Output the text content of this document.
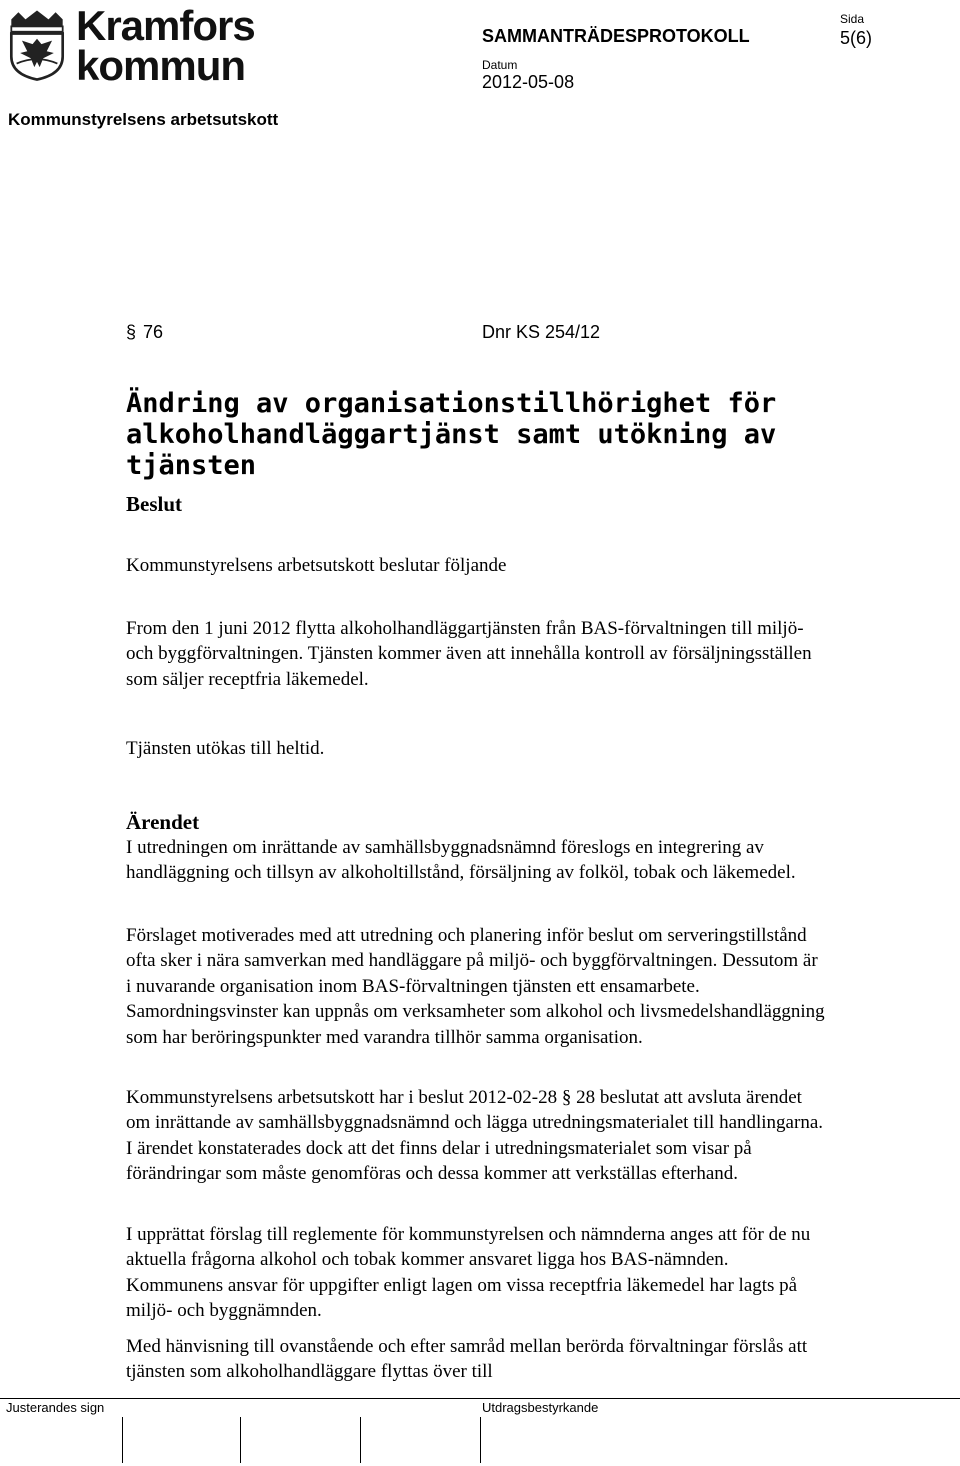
Kramfors
kommun
SAMMANTRÄDESPROTOKOLL
Sida
5(6)
Datum
2012-05-08
Kommunstyrelsens arbetsutskott
§ 76	Dnr KS 254/12
Ändring av organisationstillhörighet för alkoholhandläggartjänst samt utökning av tjänsten
Beslut
Kommunstyrelsens arbetsutskott beslutar följande
From den 1 juni 2012 flytta alkoholhandläggartjänsten från BAS-förvaltningen till miljö- och byggförvaltningen. Tjänsten kommer även att innehålla kontroll av försäljningsställen som säljer receptfria läkemedel.
Tjänsten utökas till heltid.
Ärendet
I utredningen om inrättande av samhällsbyggnadsnämnd föreslogs en integrering av handläggning och tillsyn av alkoholtillstånd, försäljning av folköl, tobak och läkemedel.
Förslaget motiverades med att utredning och planering inför beslut om serveringstillstånd ofta sker i nära samverkan med handläggare på miljö- och byggförvaltningen. Dessutom är i nuvarande organisation inom BAS-förvaltningen tjänsten ett ensamarbete. Samordningsvinster kan uppnås om verksamheter som alkohol och livsmedelshandläggning som har beröringspunkter med varandra tillhör samma organisation.
Kommunstyrelsens arbetsutskott har i beslut 2012-02-28 § 28 beslutat att avsluta ärendet om inrättande av samhällsbyggnadsnämnd och lägga utredningsmaterialet till handlingarna. I ärendet konstaterades dock att det finns delar i utredningsmaterialet som visar på förändringar som måste genomföras och dessa kommer att verkställas efterhand.
I upprättat förslag till reglemente för kommunstyrelsen och nämnderna anges att för de nu aktuella frågorna alkohol och tobak kommer ansvaret ligga hos BAS-nämnden. Kommunens ansvar för uppgifter enligt lagen om vissa receptfria läkemedel har lagts på miljö- och byggnämnden.
Med hänvisning till ovanstående och efter samråd mellan berörda förvaltningar förslås att tjänsten som alkoholhandläggare flyttas över till
Justerandes sign	Utdragsbestyrkande
